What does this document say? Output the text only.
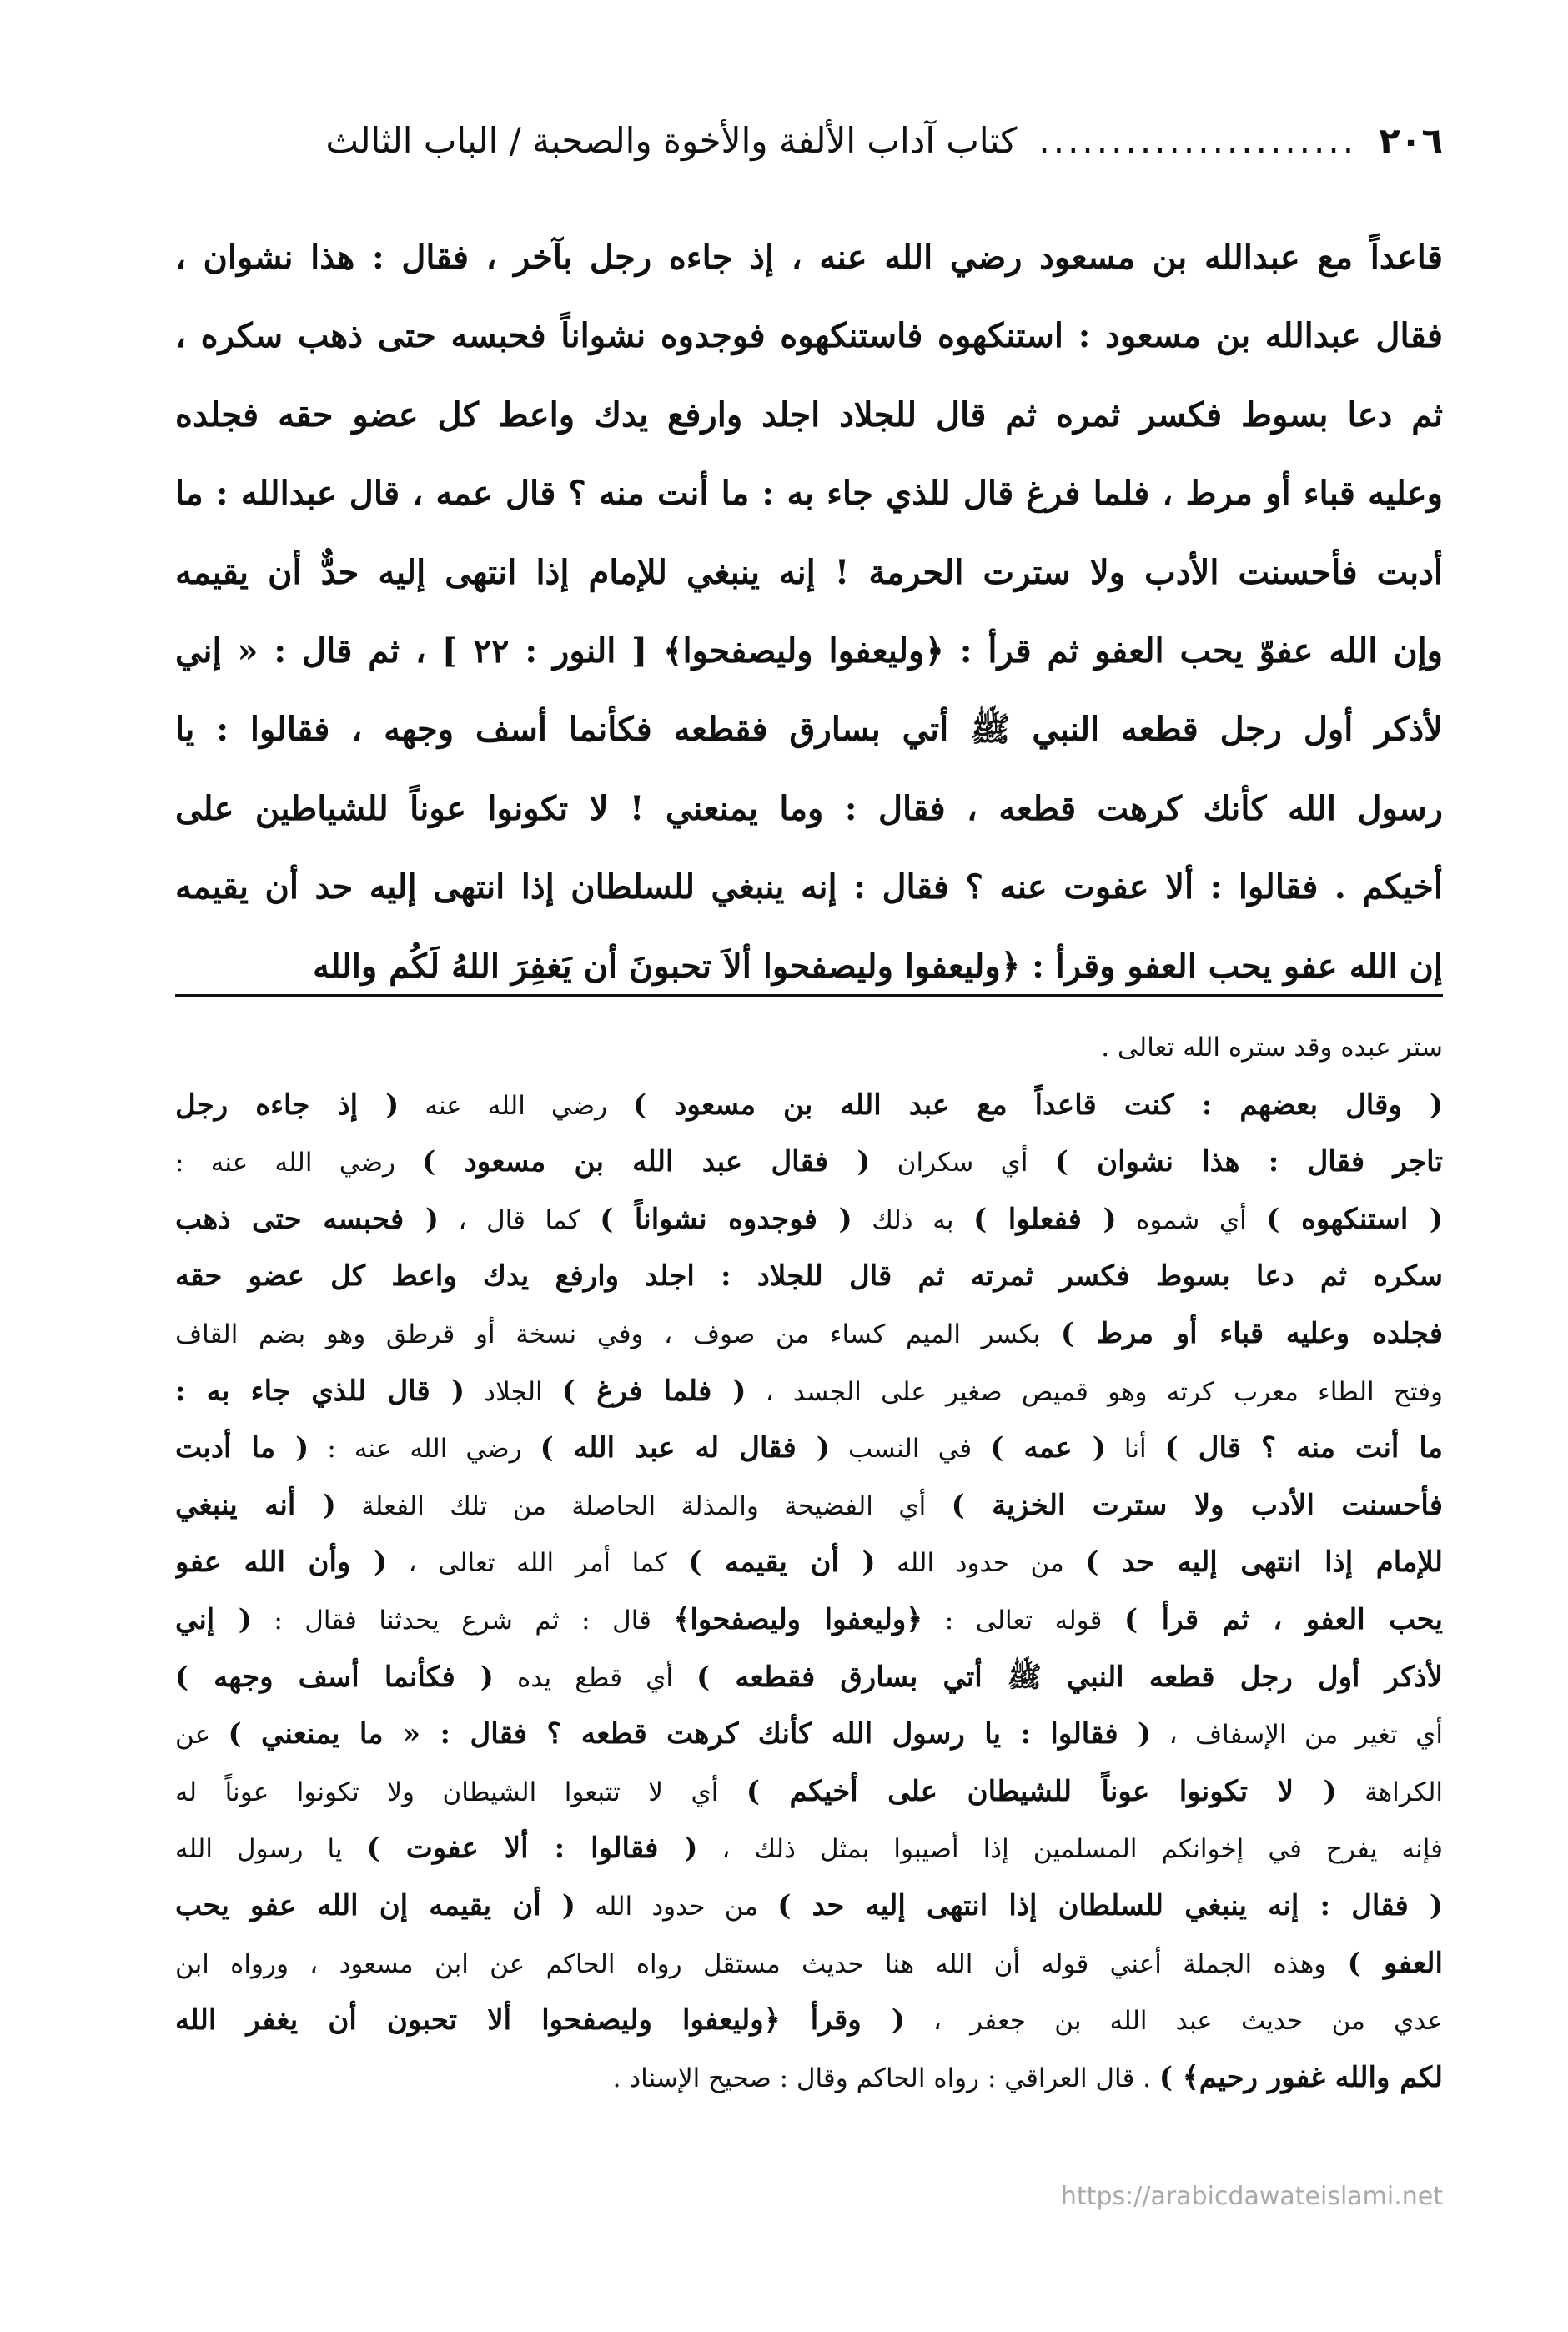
٢٠٦
......................
كتاب آداب الألفة والأخوة والصحبة / الباب الثالث
قاعداً مع عبدالله بن مسعود رضي الله عنه ، إذ جاءه رجل بآخر ، فقال : هذا نشوان ،
فقال عبدالله بن مسعود : استنكهوه فاستنكهوه فوجدوه نشواناً فحبسه حتى ذهب سكره ،
ثم دعا بسوط فكسر ثمره ثم قال للجلاد اجلد وارفع يدك واعط كل عضو حقه فجلده
وعليه قباء أو مرط ، فلما فرغ قال للذي جاء به : ما أنت منه ؟ قال عمه ، قال عبدالله : ما
أدبت فأحسنت الأدب ولا سترت الحرمة ! إنه ينبغي للإمام إذا انتهى إليه حدٌّ أن يقيمه
وإن الله عفوّ يحب العفو ثم قرأ : ﴿وليعفوا وليصفحوا﴾ [ النور : ٢٢ ] ، ثم قال : « إني
لأذكر أول رجل قطعه النبي ﷺ أتي بسارق فقطعه فكأنما أسف وجهه ، فقالوا : يا
رسول الله كأنك كرهت قطعه ، فقال : وما يمنعني ! لا تكونوا عوناً للشياطين على
أخيكم . فقالوا : ألا عفوت عنه ؟ فقال : إنه ينبغي للسلطان إذا انتهى إليه حد أن يقيمه
إن الله عفو يحب العفو وقرأ : ﴿وليعفوا وليصفحوا ألاَ تحبونَ أن يَغفِرَ اللهُ لَكُم والله
ستر عبده وقد ستره الله تعالى .
( وقال بعضهم : كنت قاعداً مع عبد الله بن مسعود ) رضي الله عنه ( إذ جاءه رجل
تاجر فقال : هذا نشوان ) أي سكران ( فقال عبد الله بن مسعود ) رضي الله عنه :
( استنكهوه ) أي شموه ( ففعلوا ) به ذلك ( فوجدوه نشواناً ) كما قال ، ( فحبسه حتى ذهب
سكره ثم دعا بسوط فكسر ثمرته ثم قال للجلاد : اجلد وارفع يدك واعط كل عضو حقه
فجلده وعليه قباء أو مرط ) بكسر الميم كساء من صوف ، وفي نسخة أو قرطق وهو بضم القاف
وفتح الطاء معرب كرته وهو قميص صغير على الجسد ، ( فلما فرغ ) الجلاد ( قال للذي جاء به :
ما أنت منه ؟ قال ) أنا ( عمه ) في النسب ( فقال له عبد الله ) رضي الله عنه : ( ما أدبت
فأحسنت الأدب ولا سترت الخزية ) أي الفضيحة والمذلة الحاصلة من تلك الفعلة ( أنه ينبغي
للإمام إذا انتهى إليه حد ) من حدود الله ( أن يقيمه ) كما أمر الله تعالى ، ( وأن الله عفو
يحب العفو ، ثم قرأ ) قوله تعالى : ﴿وليعفوا وليصفحوا﴾ قال : ثم شرع يحدثنا فقال : ( إني
لأذكر أول رجل قطعه النبي ﷺ أتي بسارق فقطعه ) أي قطع يده ( فكأنما أسف وجهه )
أي تغير من الإسفاف ، ( فقالوا : يا رسول الله كأنك كرهت قطعه ؟ فقال : « ما يمنعني ) عن
الكراهة ( لا تكونوا عوناً للشيطان على أخيكم ) أي لا تتبعوا الشيطان ولا تكونوا عوناً له
فإنه يفرح في إخوانكم المسلمين إذا أصيبوا بمثل ذلك ، ( فقالوا : ألا عفوت ) يا رسول الله
( فقال : إنه ينبغي للسلطان إذا انتهى إليه حد ) من حدود الله ( أن يقيمه إن الله عفو يحب
العفو ) وهذه الجملة أعني قوله أن الله هنا حديث مستقل رواه الحاكم عن ابن مسعود ، ورواه ابن
عدي من حديث عبد الله بن جعفر ، ( وقرأ ﴿وليعفوا وليصفحوا ألا تحبون أن يغفر الله
لكم والله غفور رحيم﴾ ) . قال العراقي : رواه الحاكم وقال : صحيح الإسناد .
https://arabicdawateislami.net
